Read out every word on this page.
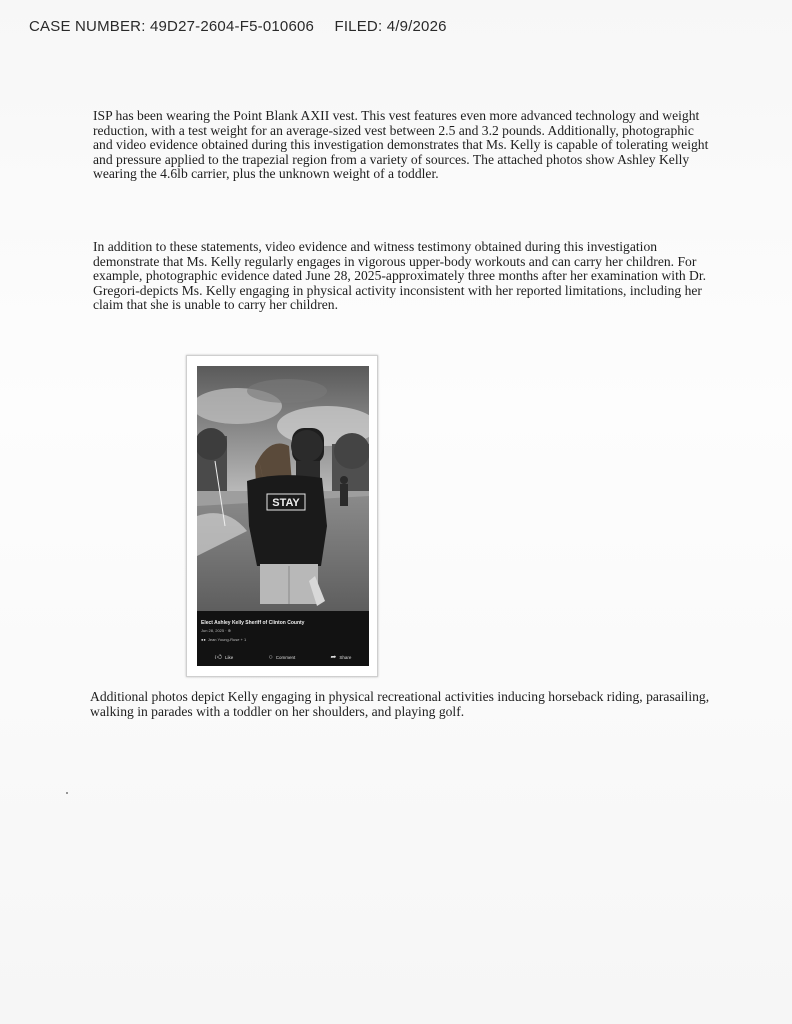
CASE NUMBER: 49D27-2604-F5-010606 FILED: 4/9/2026

ISP has been wearing the Point Blank AXII vest. This vest features even more advanced technology and weight reduction, with a test weight for an average-sized vest between 2.5 and 3.2 pounds. Additionally, photographic and video evidence obtained during this investigation demonstrates that Ms. Kelly is capable of tolerating weight and pressure applied to the trapezial region from a variety of sources. The attached photos show Ashley Kelly wearing the 4.6lb carrier, plus the unknown weight of a toddler.

In addition to these statements, video evidence and witness testimony obtained during this investigation demonstrate that Ms. Kelly regularly engages in vigorous upper-body workouts and can carry her children. For example, photographic evidence dated June 28, 2025-approximately three months after her examination with Dr. Gregori-depicts Ms. Kelly engaging in physical activity inconsistent with her reported limitations, including her claim that she is unable to carry her children.

STAY
Elect Ashley Kelly Sheriff of Clinton County
Jun 28, 2025 · ⊕
●● Jean Young-Ruse + 1
👍︎ Like	○ Comment	➦ Share

Additional photos depict Kelly engaging in physical recreational activities inducing horseback riding, parasailing, walking in parades with a toddler on her shoulders, and playing golf.
